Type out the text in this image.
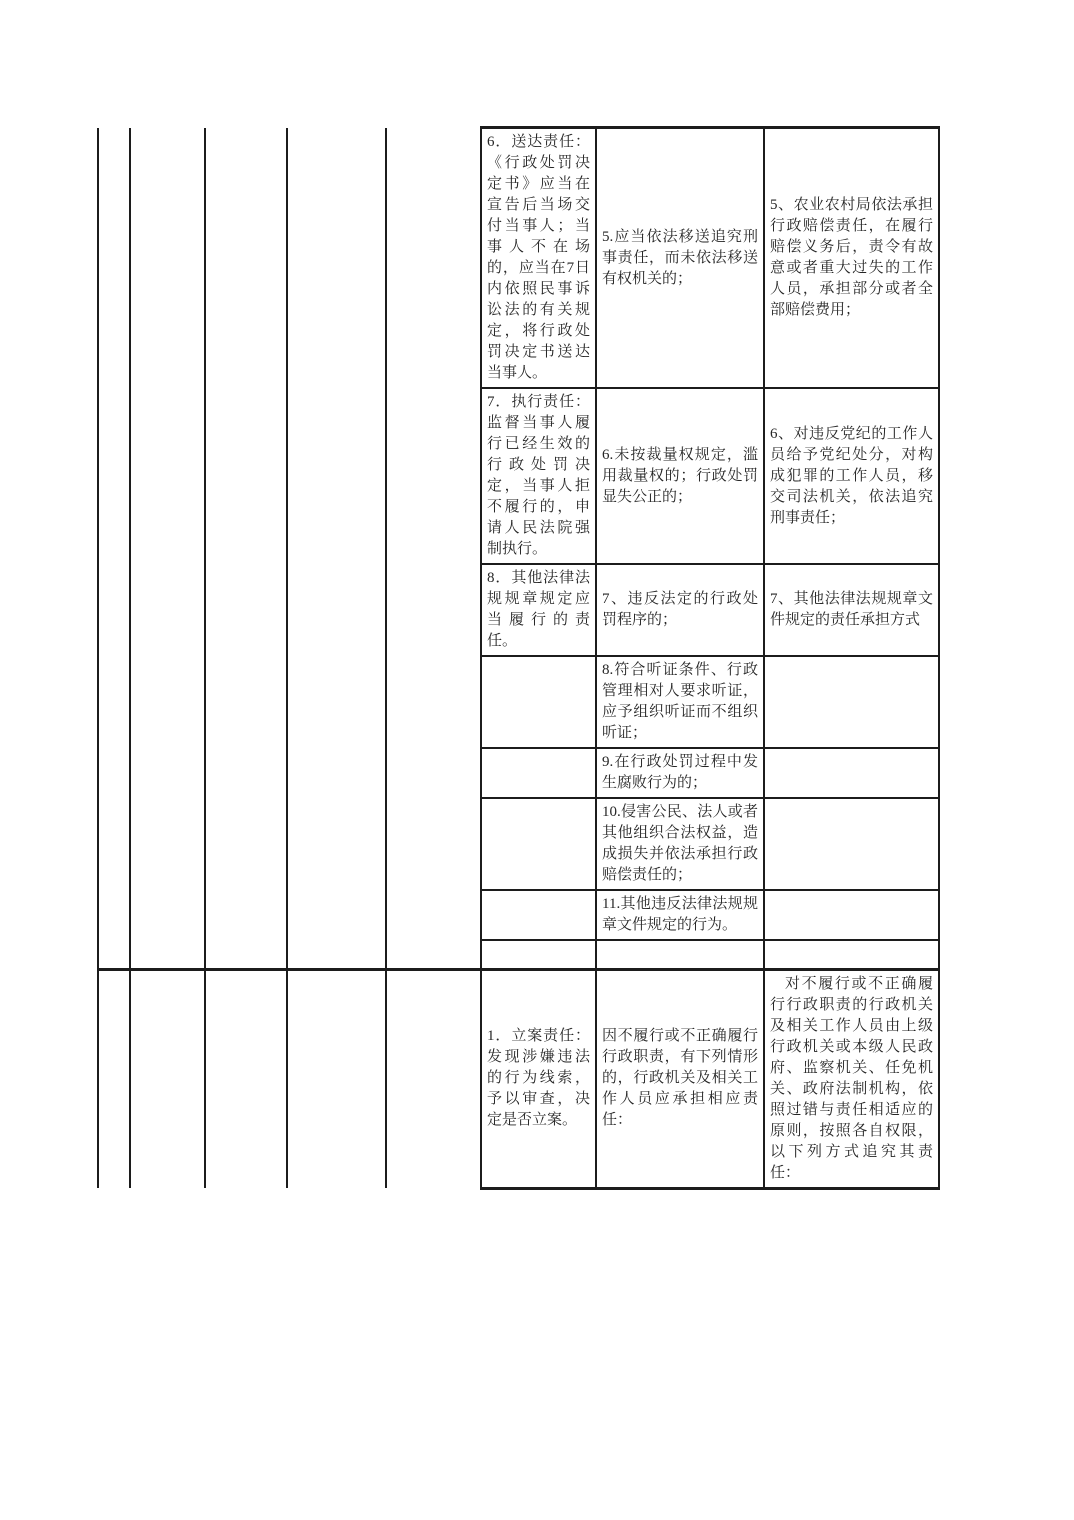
					6．送达责任：《行政处罚决定书》应当在宣告后当场交付当事人；当事人不在场的，应当在7日内依照民事诉讼法的有关规定，将行政处罚决定书送达当事人。	5.应当依法移送追究刑事责任，而未依法移送有权机关的；	5、农业农村局依法承担行政赔偿责任，在履行赔偿义务后，责令有故意或者重大过失的工作人员，承担部分或者全部赔偿费用；
					7．执行责任：监督当事人履行已经生效的行政处罚决定，当事人拒不履行的，申请人民法院强制执行。	6.未按裁量权规定，滥用裁量权的；行政处罚显失公正的；	6、对违反党纪的工作人员给予党纪处分，对构成犯罪的工作人员，移交司法机关，依法追究刑事责任；
					8．其他法律法规规章规定应当履行的责任。	7、违反法定的行政处罚程序的；	7、其他法律法规规章文件规定的责任承担方式
						8.符合听证条件、行政管理相对人要求听证，应予组织听证而不组织听证；	
						9.在行政处罚过程中发生腐败行为的；	
						10.侵害公民、法人或者其他组织合法权益，造成损失并依法承担行政赔偿责任的；	
						11.其他违反法律法规规章文件规定的行为。	

					1．立案责任：发现涉嫌违法的行为线索，予以审查，决定是否立案。	因不履行或不正确履行行政职责，有下列情形的，行政机关及相关工作人员应承担相应责任：	对不履行或不正确履行行政职责的行政机关及相关工作人员由上级行政机关或本级人民政府、监察机关、任免机关、政府法制机构，依照过错与责任相适应的原则，按照各自权限，以下列方式追究其责任：
